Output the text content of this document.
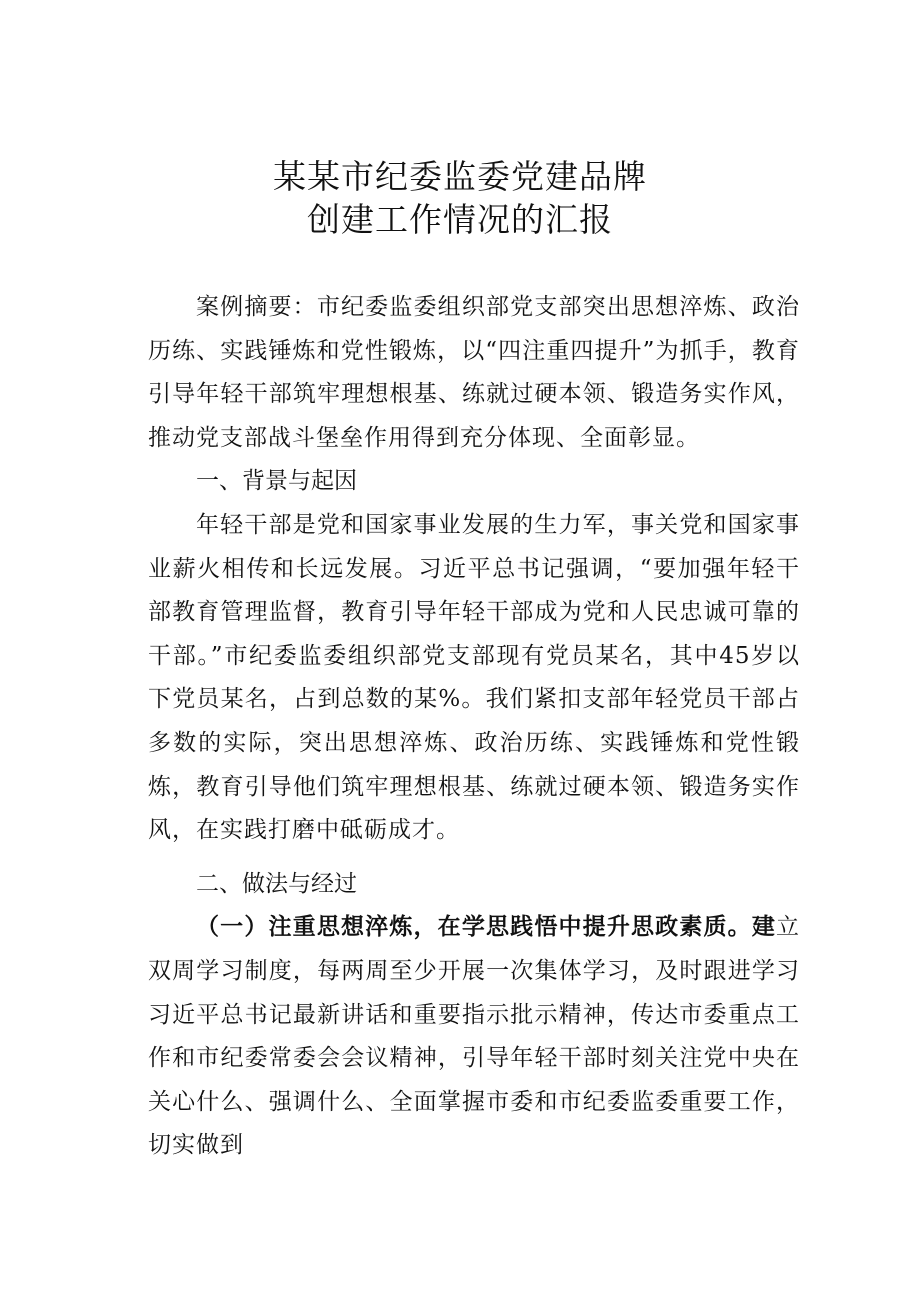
某某市纪委监委党建品牌
创建工作情况的汇报

案例摘要：市纪委监委组织部党支部突出思想淬炼、政治历练、实践锤炼和党性锻炼，以“四注重四提升”为抓手，教育引导年轻干部筑牢理想根基、练就过硬本领、锻造务实作风，推动党支部战斗堡垒作用得到充分体现、全面彰显。

一、背景与起因

年轻干部是党和国家事业发展的生力军，事关党和国家事业薪火相传和长远发展。习近平总书记强调，“要加强年轻干部教育管理监督，教育引导年轻干部成为党和人民忠诚可靠的干部。”市纪委监委组织部党支部现有党员某名，其中45岁以下党员某名，占到总数的某%。我们紧扣支部年轻党员干部占多数的实际，突出思想淬炼、政治历练、实践锤炼和党性锻炼，教育引导他们筑牢理想根基、练就过硬本领、锻造务实作风，在实践打磨中砥砺成才。

二、做法与经过

（一）注重思想淬炼，在学思践悟中提升思政素质。建立双周学习制度，每两周至少开展一次集体学习，及时跟进学习习近平总书记最新讲话和重要指示批示精神，传达市委重点工作和市纪委常委会会议精神，引导年轻干部时刻关注党中央在关心什么、强调什么、全面掌握市委和市纪委监委重要工作，切实做到
